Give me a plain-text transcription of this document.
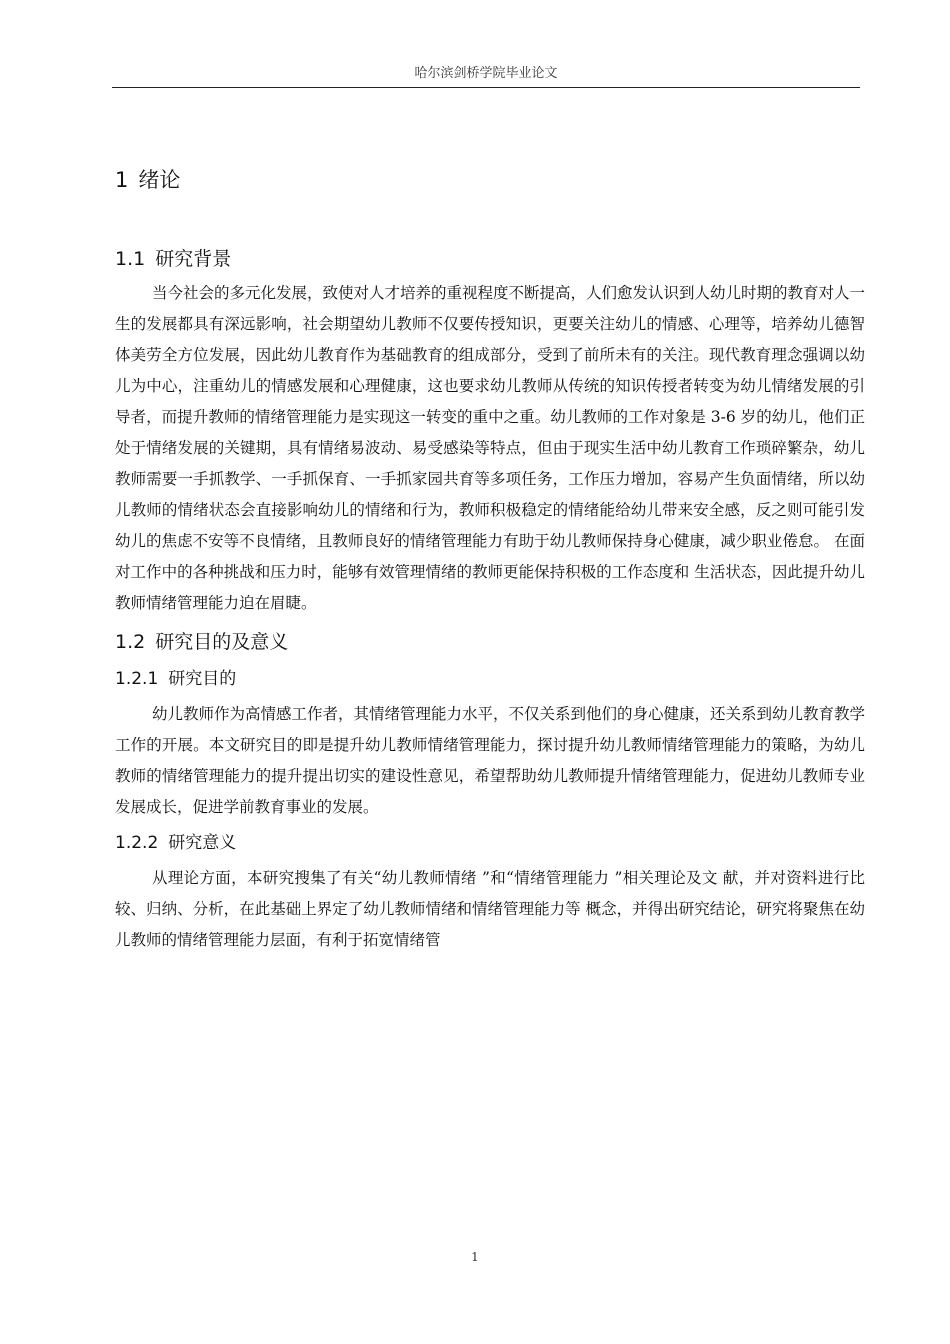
哈尔滨剑桥学院毕业论文
1 绪论
1.1 研究背景

当今社会的多元化发展，致使对人才培养的重视程度不断提高，人们愈发认识到人幼儿时期的教育对人一生的发展都具有深远影响，社会期望幼儿教师不仅要传授知识，更要关注幼儿的情感、心理等，培养幼儿德智体美劳全方位发展，因此幼儿教育作为基础教育的组成部分，受到了前所未有的关注。现代教育理念强调以幼儿为中心，注重幼儿的情感发展和心理健康，这也要求幼儿教师从传统的知识传授者转变为幼儿情绪发展的引导者，而提升教师的情绪管理能力是实现这一转变的重中之重。幼儿教师的工作对象是 3-6 岁的幼儿，他们正处于情绪发展的关键期，具有情绪易波动、易受感染等特点，但由于现实生活中幼儿教育工作琐碎繁杂，幼儿教师需要一手抓教学、一手抓保育、一手抓家园共育等多项任务，工作压力增加，容易产生负面情绪，所以幼儿教师的情绪状态会直接影响幼儿的情绪和行为，教师积极稳定的情绪能给幼儿带来安全感，反之则可能引发幼儿的焦虑不安等不良情绪，且教师良好的情绪管理能力有助于幼儿教师保持身心健康，减少职业倦怠。 在面对工作中的各种挑战和压力时，能够有效管理情绪的教师更能保持积极的工作态度和 生活状态，因此提升幼儿教师情绪管理能力迫在眉睫。

1.2 研究目的及意义
1.2.1 研究目的

幼儿教师作为高情感工作者，其情绪管理能力水平，不仅关系到他们的身心健康，还关系到幼儿教育教学工作的开展。本文研究目的即是提升幼儿教师情绪管理能力，探讨提升幼儿教师情绪管理能力的策略，为幼儿教师的情绪管理能力的提升提出切实的建设性意见，希望帮助幼儿教师提升情绪管理能力，促进幼儿教师专业发展成长，促进学前教育事业的发展。

1.2.2 研究意义

从理论方面，本研究搜集了有关“幼儿教师情绪 ”和“情绪管理能力 ”相关理论及文 献，并对资料进行比较、归纳、分析，在此基础上界定了幼儿教师情绪和情绪管理能力等 概念，并得出研究结论，研究将聚焦在幼儿教师的情绪管理能力层面，有利于拓宽情绪管

1
